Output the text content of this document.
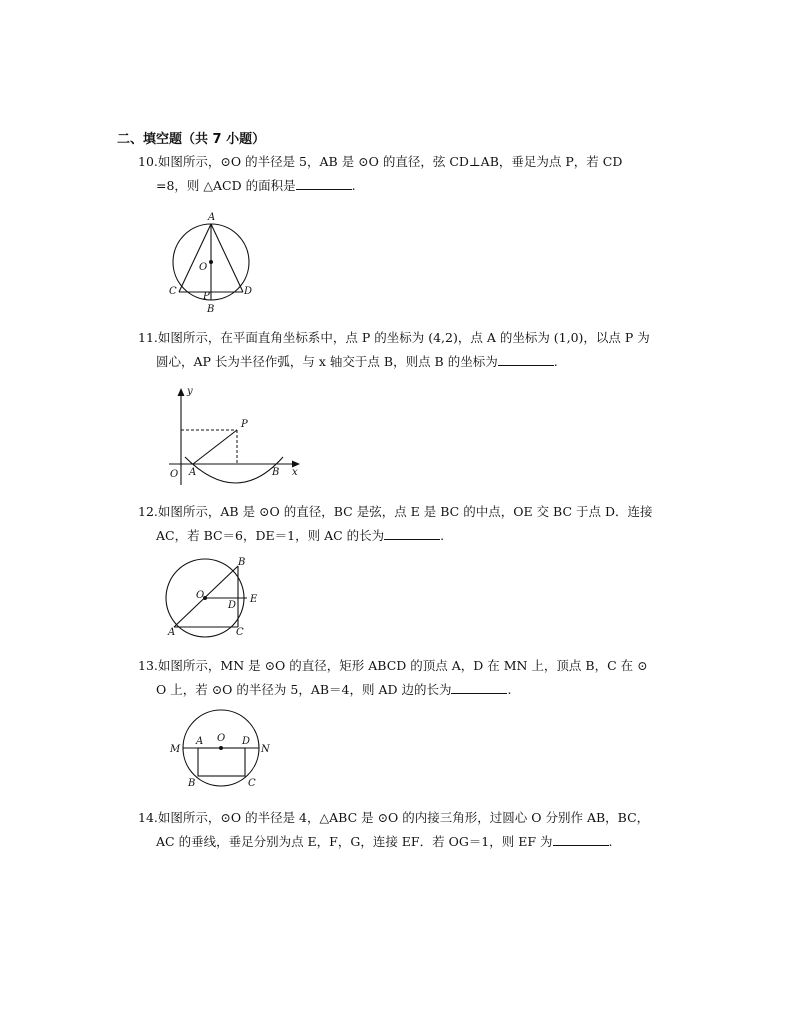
二、填空题（共 7 小题）
10.如图所示，⊙O 的半径是 5，AB 是 ⊙O 的直径，弦 CD⊥AB，垂足为点 P，若 CD
=8，则 △ACD 的面积是	.
A
O
C	P	D
B
11.如图所示，在平面直角坐标系中，点 P 的坐标为 (4,2)，点 A 的坐标为 (1,0)，以点 P 为
圆心，AP 长为半径作弧，与 x 轴交于点 B，则点 B 的坐标为	.
y
P
O A	B x
12.如图所示，AB 是 ⊙O 的直径，BC 是弦，点 E 是 BC 的中点，OE 交 BC 于点 D．连接
AC，若 BC＝6，DE＝1，则 AC 的长为	.
B
O	E
D
A	C
13.如图所示，MN 是 ⊙O 的直径，矩形 ABCD 的顶点 A，D 在 MN 上，顶点 B，C 在 ⊙
O 上，若 ⊙O 的半径为 5，AB＝4，则 AD 边的长为	.
M
A O D
N
B	C
14.如图所示，⊙O 的半径是 4，△ABC 是 ⊙O 的内接三角形，过圆心 O 分别作 AB，BC，
AC 的垂线，垂足分别为点 E，F，G，连接 EF．若 OG＝1，则 EF 为	.
